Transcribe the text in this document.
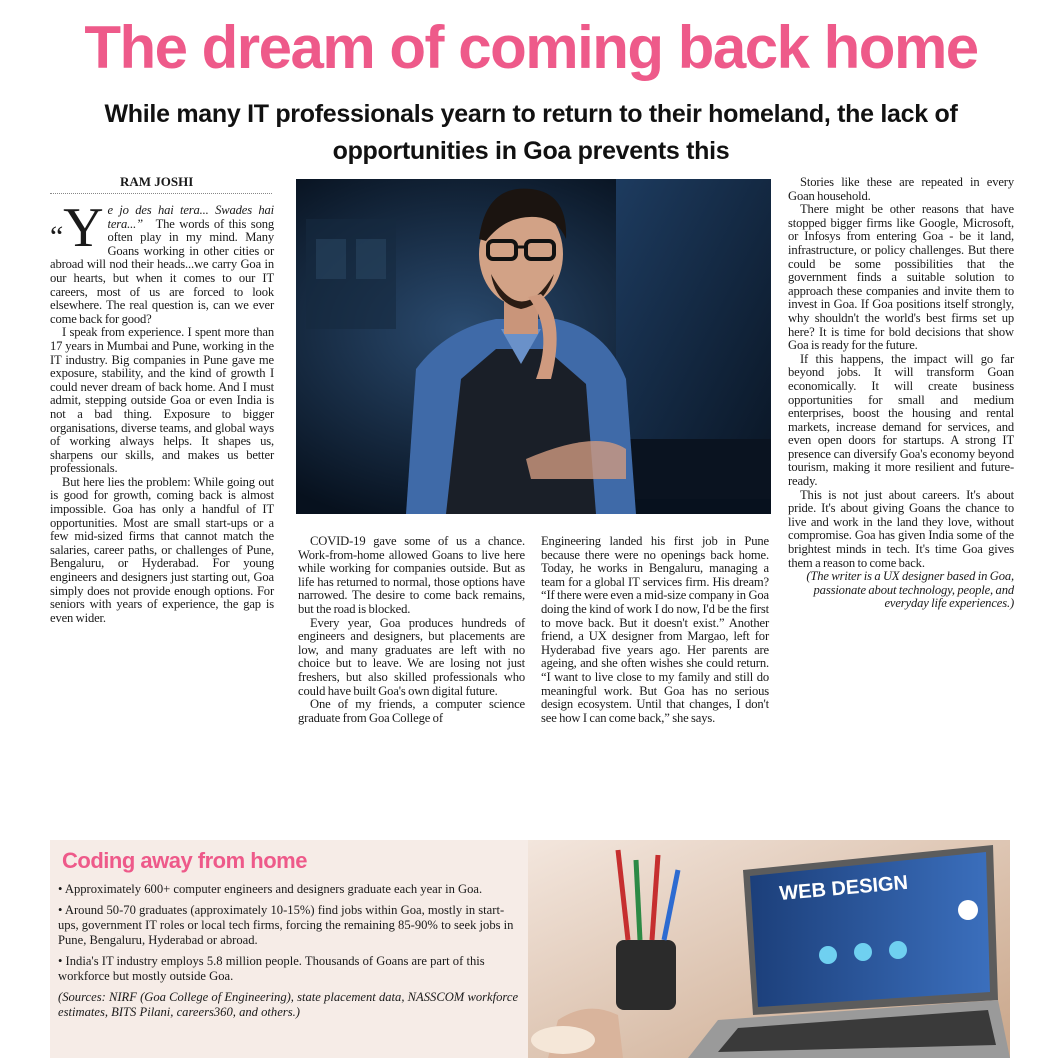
The dream of coming back home
While many IT professionals yearn to return to their homeland, the lack of opportunities in Goa prevents this
RAM JOSHI

“Y e jo des hai tera... Swades hai tera...” The words of this song often play in my mind. Many Goans working in other cities or abroad will nod their heads...we carry Goa in our hearts, but when it comes to our IT careers, most of us are forced to look elsewhere. The real question is, can we ever come back for good?

I speak from experience. I spent more than 17 years in Mumbai and Pune, working in the IT industry. Big companies in Pune gave me exposure, stability, and the kind of growth I could never dream of back home. And I must admit, stepping outside Goa or even India is not a bad thing. Exposure to bigger organisations, diverse teams, and global ways of working always helps. It shapes us, sharpens our skills, and makes us better professionals.

But here lies the problem: While going out is good for growth, coming back is almost impossible. Goa has only a handful of IT opportunities. Most are small start-ups or a few mid-sized firms that cannot match the salaries, career paths, or challenges of Pune, Bengaluru, or Hyderabad. For young engineers and designers just starting out, Goa simply does not provide enough options. For seniors with years of experience, the gap is even wider.

COVID-19 gave some of us a chance. Work-from-home allowed Goans to live here while working for companies outside. But as life has returned to normal, those options have narrowed. The desire to come back remains, but the road is blocked.

Every year, Goa produces hundreds of engineers and designers, but placements are low, and many graduates are left with no choice but to leave. We are losing not just freshers, but also skilled professionals who could have built Goa's own digital future.

One of my friends, a computer science graduate from Goa College of

Engineering landed his first job in Pune because there were no openings back home. Today, he works in Bengaluru, managing a team for a global IT services firm. His dream? “If there were even a mid-size company in Goa doing the kind of work I do now, I'd be the first to move back. But it doesn't exist.” Another friend, a UX designer from Margao, left for Hyderabad five years ago. Her parents are ageing, and she often wishes she could return. “I want to live close to my family and still do meaningful work. But Goa has no serious design ecosystem. Until that changes, I don't see how I can come back,” she says.

Stories like these are repeated in every Goan household.

There might be other reasons that have stopped bigger firms like Google, Microsoft, or Infosys from entering Goa - be it land, infrastructure, or policy challenges. But there could be some possibilities that the government finds a suitable solution to approach these companies and invite them to invest in Goa. If Goa positions itself strongly, why shouldn't the world's best firms set up here? It is time for bold decisions that show Goa is ready for the future.

If this happens, the impact will go far beyond jobs. It will transform Goan economically. It will create business opportunities for small and medium enterprises, boost the housing and rental markets, increase demand for services, and even open doors for startups. A strong IT presence can diversify Goa's economy beyond tourism, making it more resilient and future-ready.

This is not just about careers. It's about pride. It's about giving Goans the chance to live and work in the land they love, without compromise. Goa has given India some of the brightest minds in tech. It's time Goa gives them a reason to come back.

(The writer is a UX designer based in Goa, passionate about technology, people, and everyday life experiences.)

Coding away from home

• Approximately 600+ computer engineers and designers graduate each year in Goa.

• Around 50-70 graduates (approximately 10-15%) find jobs within Goa, mostly in start-ups, government IT roles or local tech firms, forcing the remaining 85-90% to seek jobs in Pune, Bengaluru, Hyderabad or abroad.

• India's IT industry employs 5.8 million people. Thousands of Goans are part of this workforce but mostly outside Goa.

(Sources: NIRF (Goa College of Engineering), state placement data, NASSCOM workforce estimates, BITS Pilani, careers360, and others.)

WEB DESIGN
